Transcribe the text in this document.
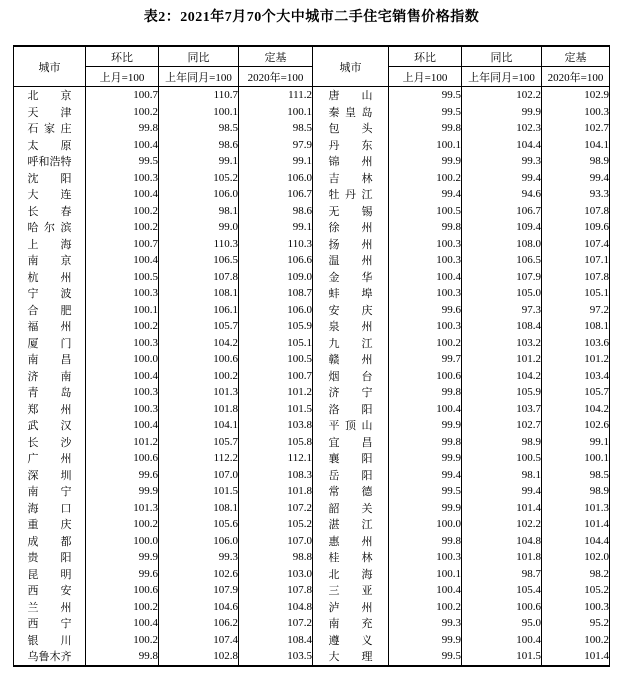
表2：2021年7月70个大中城市二手住宅销售价格指数
城市	环比	同比	定基	城市	环比	同比	定基
	上月=100	上年同月=100	2020年=100		上月=100	上年同月=100	2020年=100
北京	100.7	110.7	111.2	唐山	99.5	102.2	102.9
天津	100.2	100.1	100.1	秦皇岛	99.5	99.9	100.3
石家庄	99.8	98.5	98.5	包头	99.8	102.3	102.7
太原	100.4	98.6	97.9	丹东	100.1	104.4	104.1
呼和浩特	99.5	99.1	99.1	锦州	99.9	99.3	98.9
沈阳	100.3	105.2	106.0	吉林	100.2	99.4	99.4
大连	100.4	106.0	106.7	牡丹江	99.4	94.6	93.3
长春	100.2	98.1	98.6	无锡	100.5	106.7	107.8
哈尔滨	100.2	99.0	99.1	徐州	99.8	109.4	109.6
上海	100.7	110.3	110.3	扬州	100.3	108.0	107.4
南京	100.4	106.5	106.6	温州	100.3	106.5	107.1
杭州	100.5	107.8	109.0	金华	100.4	107.9	107.8
宁波	100.3	108.1	108.7	蚌埠	100.3	105.0	105.1
合肥	100.1	106.1	106.0	安庆	99.6	97.3	97.2
福州	100.2	105.7	105.9	泉州	100.3	108.4	108.1
厦门	100.3	104.2	105.1	九江	100.2	103.2	103.6
南昌	100.0	100.6	100.5	赣州	99.7	101.2	101.2
济南	100.4	100.2	100.7	烟台	100.6	104.2	103.4
青岛	100.3	101.3	101.2	济宁	99.8	105.9	105.7
郑州	100.3	101.8	101.5	洛阳	100.4	103.7	104.2
武汉	100.4	104.1	103.8	平顶山	99.9	102.7	102.6
长沙	101.2	105.7	105.8	宜昌	99.8	98.9	99.1
广州	100.6	112.2	112.1	襄阳	99.9	100.5	100.1
深圳	99.6	107.0	108.3	岳阳	99.4	98.1	98.5
南宁	99.9	101.5	101.8	常德	99.5	99.4	98.9
海口	101.3	108.1	107.2	韶关	99.9	101.4	101.3
重庆	100.2	105.6	105.2	湛江	100.0	102.2	101.4
成都	100.0	106.0	107.0	惠州	99.8	104.8	104.4
贵阳	99.9	99.3	98.8	桂林	100.3	101.8	102.0
昆明	99.6	102.6	103.0	北海	100.1	98.7	98.2
西安	100.6	107.9	107.8	三亚	100.4	105.4	105.2
兰州	100.2	104.6	104.8	泸州	100.2	100.6	100.3
西宁	100.4	106.2	107.2	南充	99.3	95.0	95.2
银川	100.2	107.4	108.4	遵义	99.9	100.4	100.2
乌鲁木齐	99.8	102.8	103.5	大理	99.5	101.5	101.4
